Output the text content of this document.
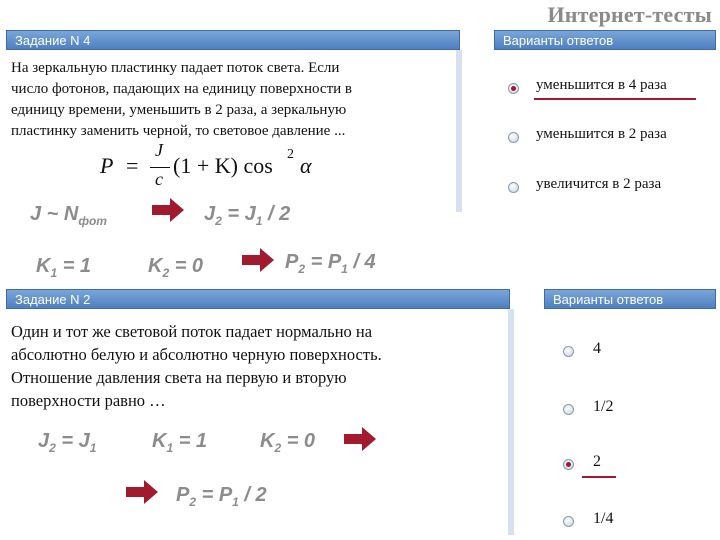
Интернет-тесты
Задание N 4
На зеркальную пластинку падает поток света. Если
число фотонов, падающих на единицу поверхности в
единицу времени, уменьшить в 2 раза, а зеркальную
пластинку заменить черной, то световое давление ...
P =
J
c
(1 + K) cos 2 α
Варианты ответов
уменьшится в 4 раза
уменьшится в 2 раза
увеличится в 2 раза
J ~ $N_{фот}$	$J_2 = J_1 / 2$
$K_1 = 1$	$K_2 = 0$	$P_2 = P_1 / 4$
Задание N 2
Один и тот же световой поток падает нормально на
абсолютно белую и абсолютно черную поверхность.
Отношение давления света на первую и вторую
поверхности равно …
Варианты ответов
4
1/2
2
1/4
$J_2 = J_1$	$K_1 = 1$	$K_2 = 0$
$P_2 = P_1 / 2$
